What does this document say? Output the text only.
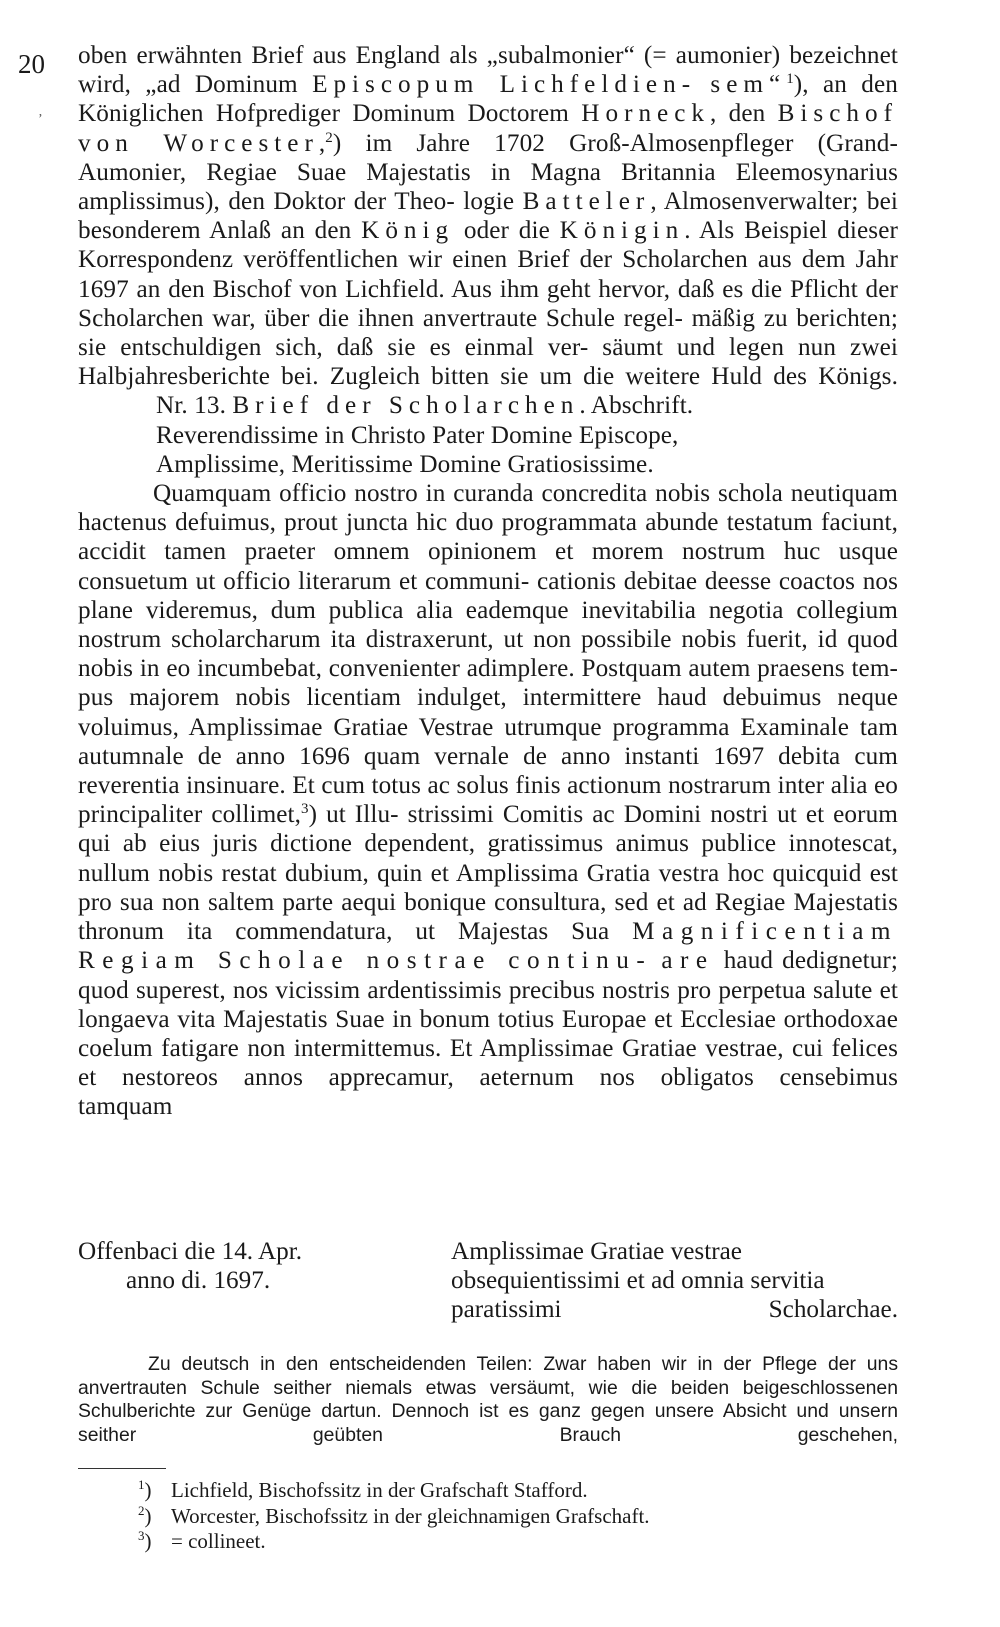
20
’

oben erwähnten Brief aus England als „subalmonier“ (= aumonier) bezeichnet wird, „ad Dominum Episcopum Lichfeldien- sem“$^1$), an den Königlichen Hofprediger Dominum Doctorem Horneck, den Bischof von Worcester,$^2$) im Jahre 1702 Groß-Almosenpfleger (Grand-Aumonier, Regiae Suae Majestatis in Magna Britannia Eleemosynarius amplissimus), den Doktor der Theo- logie Batteler, Almosenverwalter; bei besonderem Anlaß an den König oder die Königin. Als Beispiel dieser Korrespondenz veröffentlichen wir einen Brief der Scholarchen aus dem Jahr 1697 an den Bischof von Lichfield. Aus ihm geht hervor, daß es die Pflicht der Scholarchen war, über die ihnen anvertraute Schule regel- mäßig zu berichten; sie entschuldigen sich, daß sie es einmal ver- säumt und legen nun zwei Halbjahresberichte bei. Zugleich bitten sie um die weitere Huld des Königs.

Nr. 13. Brief der Scholarchen. Abschrift.

Reverendissime in Christo Pater Domine Episcope,

Amplissime, Meritissime Domine Gratiosissime.

Quamquam officio nostro in curanda concredita nobis schola neutiquam hactenus defuimus, prout juncta hic duo programmata abunde testatum faciunt, accidit tamen praeter omnem opinionem et morem nostrum huc usque consuetum ut officio literarum et communi- cationis debitae deesse coactos nos plane videremus, dum publica alia eademque inevitabilia negotia collegium nostrum scholarcharum ita distraxerunt, ut non possibile nobis fuerit, id quod nobis in eo incumbebat, convenienter adimplere. Postquam autem praesens tem- pus majorem nobis licentiam indulget, intermittere haud debuimus neque voluimus, Amplissimae Gratiae Vestrae utrumque programma Examinale tam autumnale de anno 1696 quam vernale de anno instanti 1697 debita cum reverentia insinuare. Et cum totus ac solus finis actionum nostrarum inter alia eo principaliter collimet,$^3$) ut Illu- strissimi Comitis ac Domini nostri ut et eorum qui ab eius juris dictione dependent, gratissimus animus publice innotescat, nullum nobis restat dubium, quin et Amplissima Gratia vestra hoc quicquid est pro sua non saltem parte aequi bonique consultura, sed et ad Regiae Majestatis thronum ita commendatura, ut Majestas Sua Magnificentiam Regiam Scholae nostrae continu- are haud dedignetur; quod superest, nos vicissim ardentissimis precibus nostris pro perpetua salute et longaeva vita Majestatis Suae in bonum totius Europae et Ecclesiae orthodoxae coelum fatigare non intermittemus. Et Amplissimae Gratiae vestrae, cui felices et nestoreos annos apprecamur, aeternum nos obligatos censebimus

tamquam

Offenbaci die 14. Apr.	Amplissimae Gratiae vestrae
anno di. 1697.	obsequientissimi et ad omnia servitia
paratissimi	Scholarchae.

Zu deutsch in den entscheidenden Teilen: Zwar haben wir in der Pflege der uns anvertrauten Schule seither niemals etwas versäumt, wie die beiden beigeschlossenen Schulberichte zur Genüge dartun. Dennoch ist es ganz gegen unsere Absicht und unsern seither geübten Brauch geschehen,

$^1$) Lichfield, Bischofssitz in der Grafschaft Stafford.
$^2$) Worcester, Bischofssitz in der gleichnamigen Grafschaft.
$^3$) = collineet.
